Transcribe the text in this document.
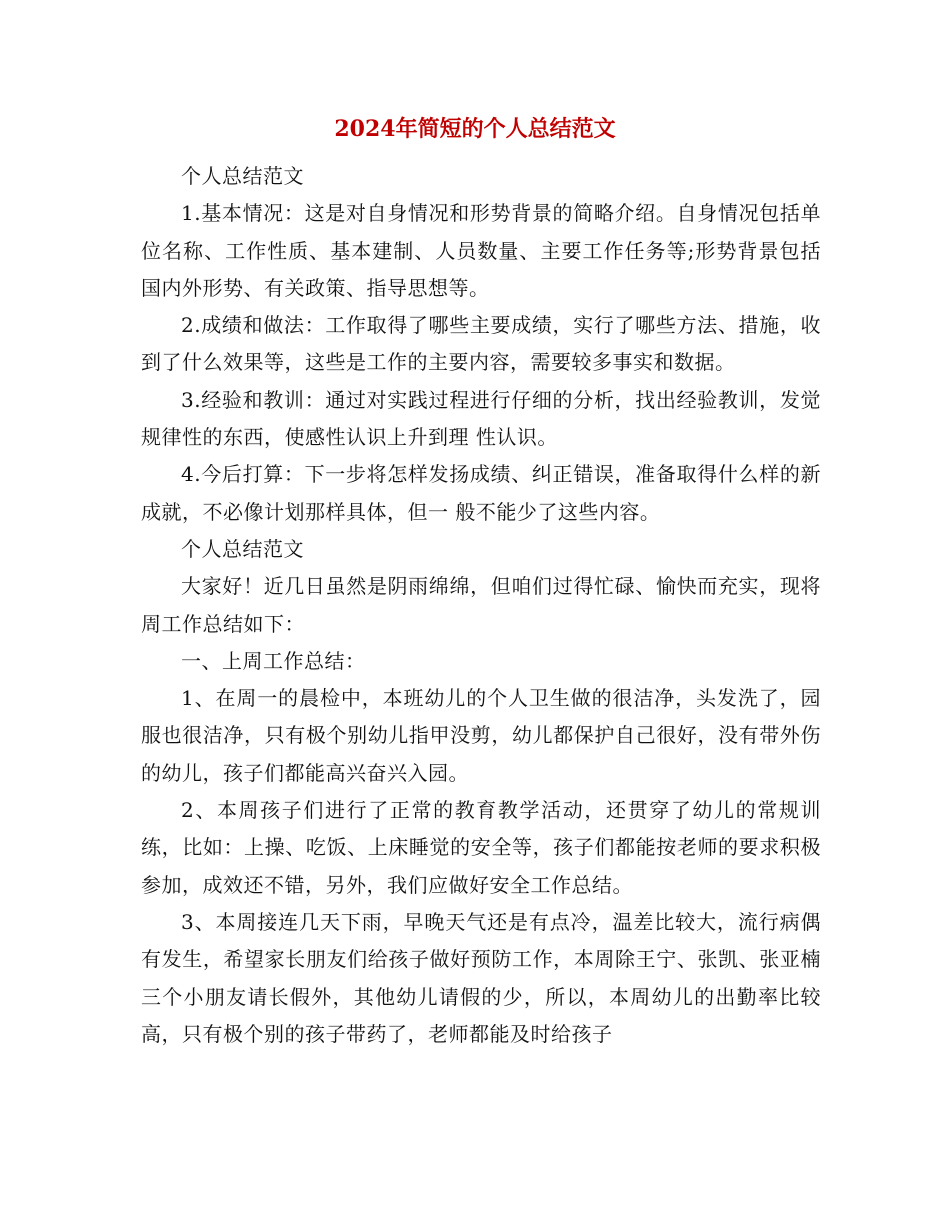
2024年简短的个人总结范文

个人总结范文

1.基本情况：这是对自身情况和形势背景的简略介绍。自身情况包括单位名称、工作性质、基本建制、人员数量、主要工作任务等;形势背景包括国内外形势、有关政策、指导思想等。

2.成绩和做法：工作取得了哪些主要成绩，实行了哪些方法、措施，收到了什么效果等，这些是工作的主要内容，需要较多事实和数据。

3.经验和教训：通过对实践过程进行仔细的分析，找出经验教训，发觉规律性的东西，使感性认识上升到理 性认识。

4.今后打算：下一步将怎样发扬成绩、纠正错误，准备取得什么样的新成就，不必像计划那样具体，但一 般不能少了这些内容。

个人总结范文

大家好！近几日虽然是阴雨绵绵，但咱们过得忙碌、愉快而充实，现将周工作总结如下：

一、上周工作总结：

1、在周一的晨检中，本班幼儿的个人卫生做的很洁净，头发洗了，园服也很洁净，只有极个别幼儿指甲没剪，幼儿都保护自己很好，没有带外伤的幼儿，孩子们都能高兴奋兴入园。

2、本周孩子们进行了正常的教育教学活动，还贯穿了幼儿的常规训练，比如：上操、吃饭、上床睡觉的安全等，孩子们都能按老师的要求积极参加，成效还不错，另外，我们应做好安全工作总结。

3、本周接连几天下雨，早晚天气还是有点冷，温差比较大，流行病偶有发生，希望家长朋友们给孩子做好预防工作，本周除王宁、张凯、张亚楠三个小朋友请长假外，其他幼儿请假的少，所以，本周幼儿的出勤率比较高，只有极个别的孩子带药了，老师都能及时给孩子
